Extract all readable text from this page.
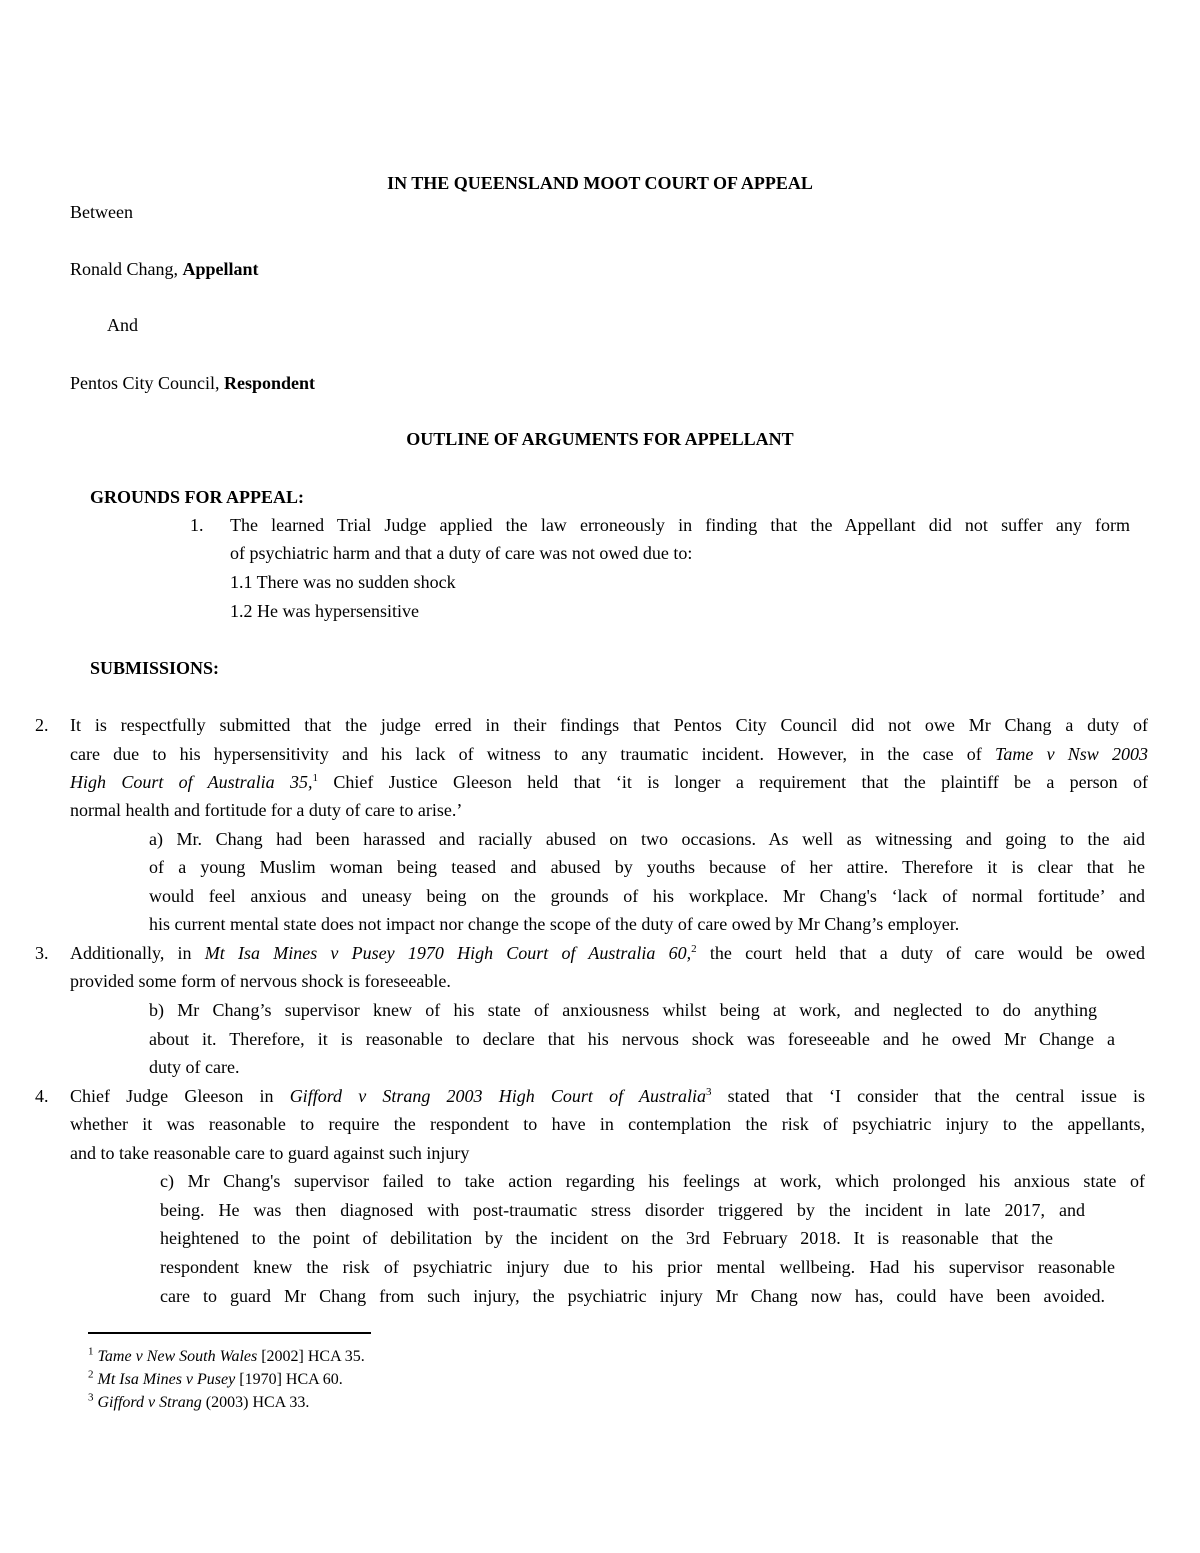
IN THE QUEENSLAND MOOT COURT OF APPEAL
Between
Ronald Chang, Appellant
And
Pentos City Council, Respondent
OUTLINE OF ARGUMENTS FOR APPELLANT
GROUNDS FOR APPEAL:
1. The learned Trial Judge applied the law erroneously in finding that the Appellant did not suffer any form
of psychiatric harm and that a duty of care was not owed due to:
1.1 There was no sudden shock
1.2 He was hypersensitive
SUBMISSIONS:
2. It is respectfully submitted that the judge erred in their findings that Pentos City Council did not owe Mr Chang a duty of
care due to his hypersensitivity and his lack of witness to any traumatic incident. However, in the case of Tame v Nsw 2003
High Court of Australia 35,$^1$ Chief Justice Gleeson held that ‘it is longer a requirement that the plaintiff be a person of
normal health and fortitude for a duty of care to arise.’
a) Mr. Chang had been harassed and racially abused on two occasions. As well as witnessing and going to the aid
of a young Muslim woman being teased and abused by youths because of her attire. Therefore it is clear that he
would feel anxious and uneasy being on the grounds of his workplace. Mr Chang's ‘lack of normal fortitude’ and
his current mental state does not impact nor change the scope of the duty of care owed by Mr Chang’s employer.
3. Additionally, in Mt Isa Mines v Pusey 1970 High Court of Australia 60,$^2$ the court held that a duty of care would be owed
provided some form of nervous shock is foreseeable.
b) Mr Chang’s supervisor knew of his state of anxiousness whilst being at work, and neglected to do anything
about it. Therefore, it is reasonable to declare that his nervous shock was foreseeable and he owed Mr Change a
duty of care.
4. Chief Judge Gleeson in Gifford v Strang 2003 High Court of Australia$^3$ stated that ‘I consider that the central issue is
whether it was reasonable to require the respondent to have in contemplation the risk of psychiatric injury to the appellants,
and to take reasonable care to guard against such injury
c) Mr Chang's supervisor failed to take action regarding his feelings at work, which prolonged his anxious state of
being. He was then diagnosed with post-traumatic stress disorder triggered by the incident in late 2017, and
heightened to the point of debilitation by the incident on the 3rd February 2018. It is reasonable that the
respondent knew the risk of psychiatric injury due to his prior mental wellbeing. Had his supervisor reasonable
care to guard Mr Chang from such injury, the psychiatric injury Mr Chang now has, could have been avoided.
$^1$ Tame v New South Wales [2002] HCA 35.
$^2$ Mt Isa Mines v Pusey [1970] HCA 60.
$^3$ Gifford v Strang (2003) HCA 33.
